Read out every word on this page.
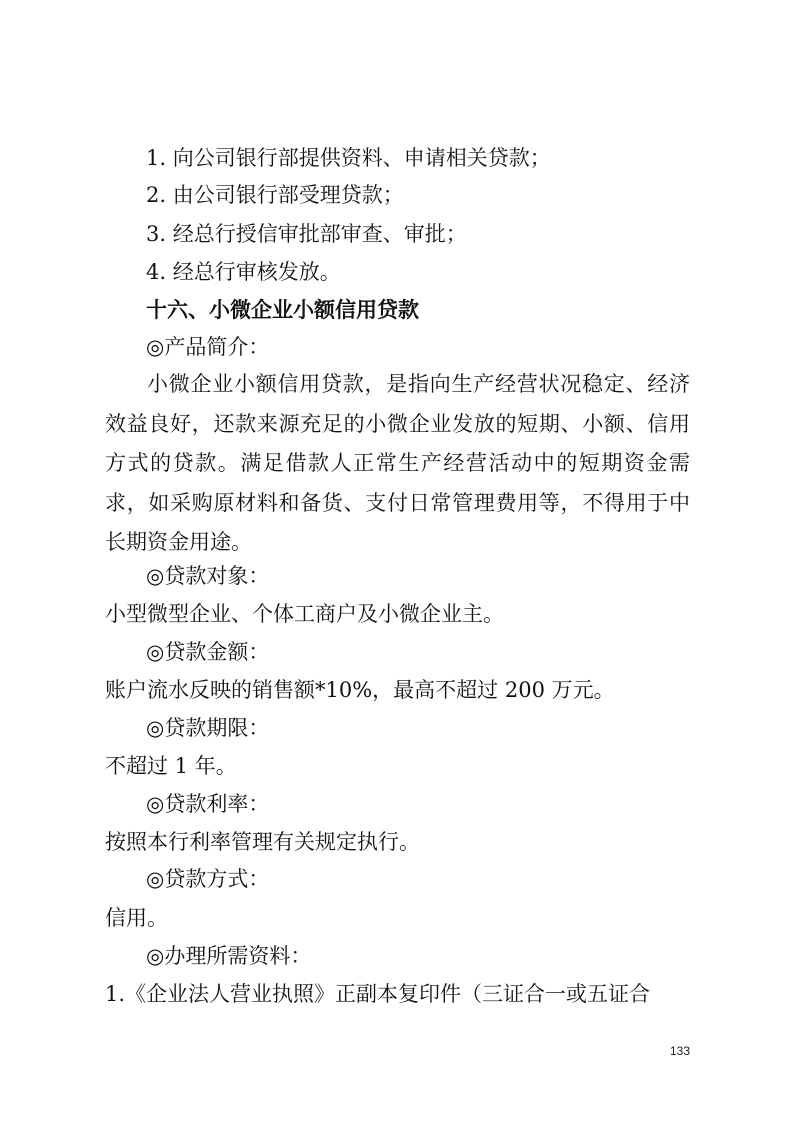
1. 向公司银行部提供资料、申请相关贷款；
2. 由公司银行部受理贷款；
3. 经总行授信审批部审查、审批；
4. 经总行审核发放。
十六、小微企业小额信用贷款
◎产品简介：
小微企业小额信用贷款，是指向生产经营状况稳定、经济效益良好，还款来源充足的小微企业发放的短期、小额、信用方式的贷款。满足借款人正常生产经营活动中的短期资金需求，如采购原材料和备货、支付日常管理费用等，不得用于中长期资金用途。
◎贷款对象：
小型微型企业、个体工商户及小微企业主。
◎贷款金额：
账户流水反映的销售额*10%，最高不超过 200 万元。
◎贷款期限：
不超过 1 年。
◎贷款利率：
按照本行利率管理有关规定执行。
◎贷款方式：
信用。
◎办理所需资料：
1.《企业法人营业执照》正副本复印件（三证合一或五证合
133
